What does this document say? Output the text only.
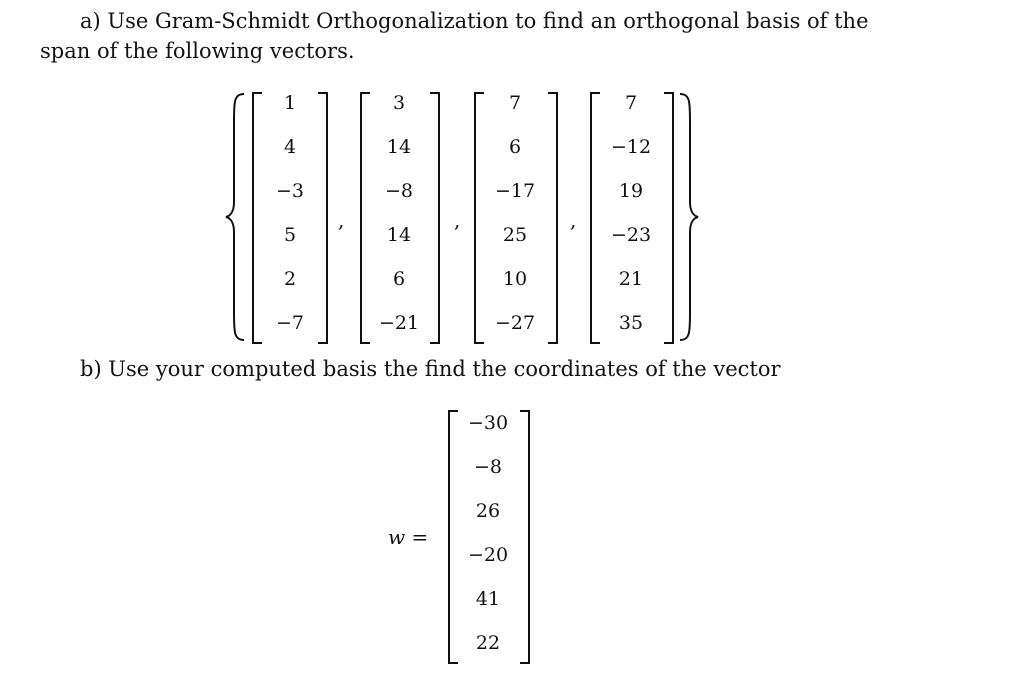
a) Use Gram-Schmidt Orthogonalization to find an orthogonal basis of the
span of the following vectors.
1
4
−3
5
2
−7
,
3
14
−8
14
6
−21
,
7
6
−17
25
10
−27
,
7
−12
19
−23
21
35
b) Use your computed basis the find the coordinates of the vector
w =
−30
−8
26
−20
41
22
